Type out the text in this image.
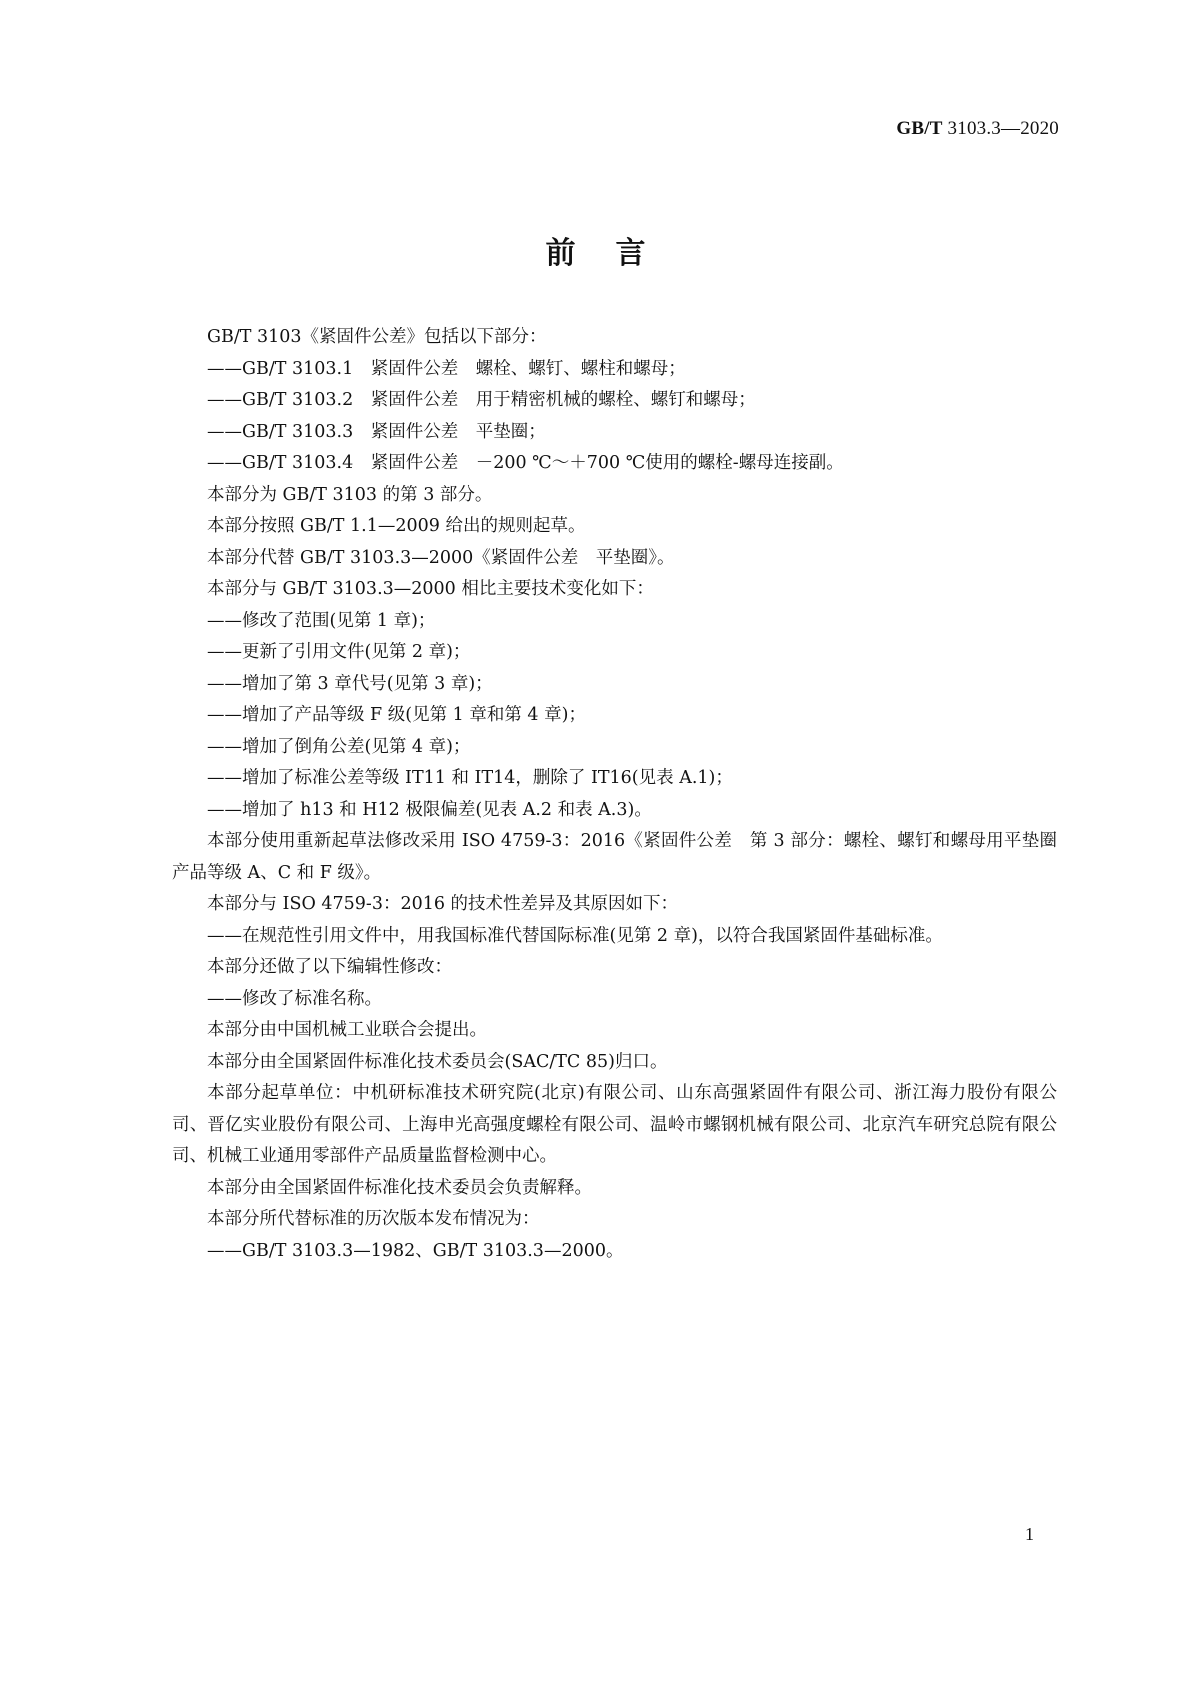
GB/T 3103.3—2020
前言

GB/T 3103《紧固件公差》包括以下部分：

——GB/T 3103.1　紧固件公差　螺栓、螺钉、螺柱和螺母；

——GB/T 3103.2　紧固件公差　用于精密机械的螺栓、螺钉和螺母；

——GB/T 3103.3　紧固件公差　平垫圈；

——GB/T 3103.4　紧固件公差　－200 ℃～＋700 ℃使用的螺栓-螺母连接副。

本部分为 GB/T 3103 的第 3 部分。

本部分按照 GB/T 1.1—2009 给出的规则起草。

本部分代替 GB/T 3103.3—2000《紧固件公差　平垫圈》。

本部分与 GB/T 3103.3—2000 相比主要技术变化如下：

——修改了范围(见第 1 章)；

——更新了引用文件(见第 2 章)；

——增加了第 3 章代号(见第 3 章)；

——增加了产品等级 F 级(见第 1 章和第 4 章)；

——增加了倒角公差(见第 4 章)；

——增加了标准公差等级 IT11 和 IT14，删除了 IT16(见表 A.1)；

——增加了 h13 和 H12 极限偏差(见表 A.2 和表 A.3)。

本部分使用重新起草法修改采用 ISO 4759-3：2016《紧固件公差　第 3 部分：螺栓、螺钉和螺母用平垫圈　产品等级 A、C 和 F 级》。

本部分与 ISO 4759-3：2016 的技术性差异及其原因如下：

——在规范性引用文件中，用我国标准代替国际标准(见第 2 章)，以符合我国紧固件基础标准。

本部分还做了以下编辑性修改：

——修改了标准名称。

本部分由中国机械工业联合会提出。

本部分由全国紧固件标准化技术委员会(SAC/TC 85)归口。

本部分起草单位：中机研标准技术研究院(北京)有限公司、山东高强紧固件有限公司、浙江海力股份有限公司、晋亿实业股份有限公司、上海申光高强度螺栓有限公司、温岭市螺钢机械有限公司、北京汽车研究总院有限公司、机械工业通用零部件产品质量监督检测中心。

本部分由全国紧固件标准化技术委员会负责解释。

本部分所代替标准的历次版本发布情况为：

——GB/T 3103.3—1982、GB/T 3103.3—2000。

1
